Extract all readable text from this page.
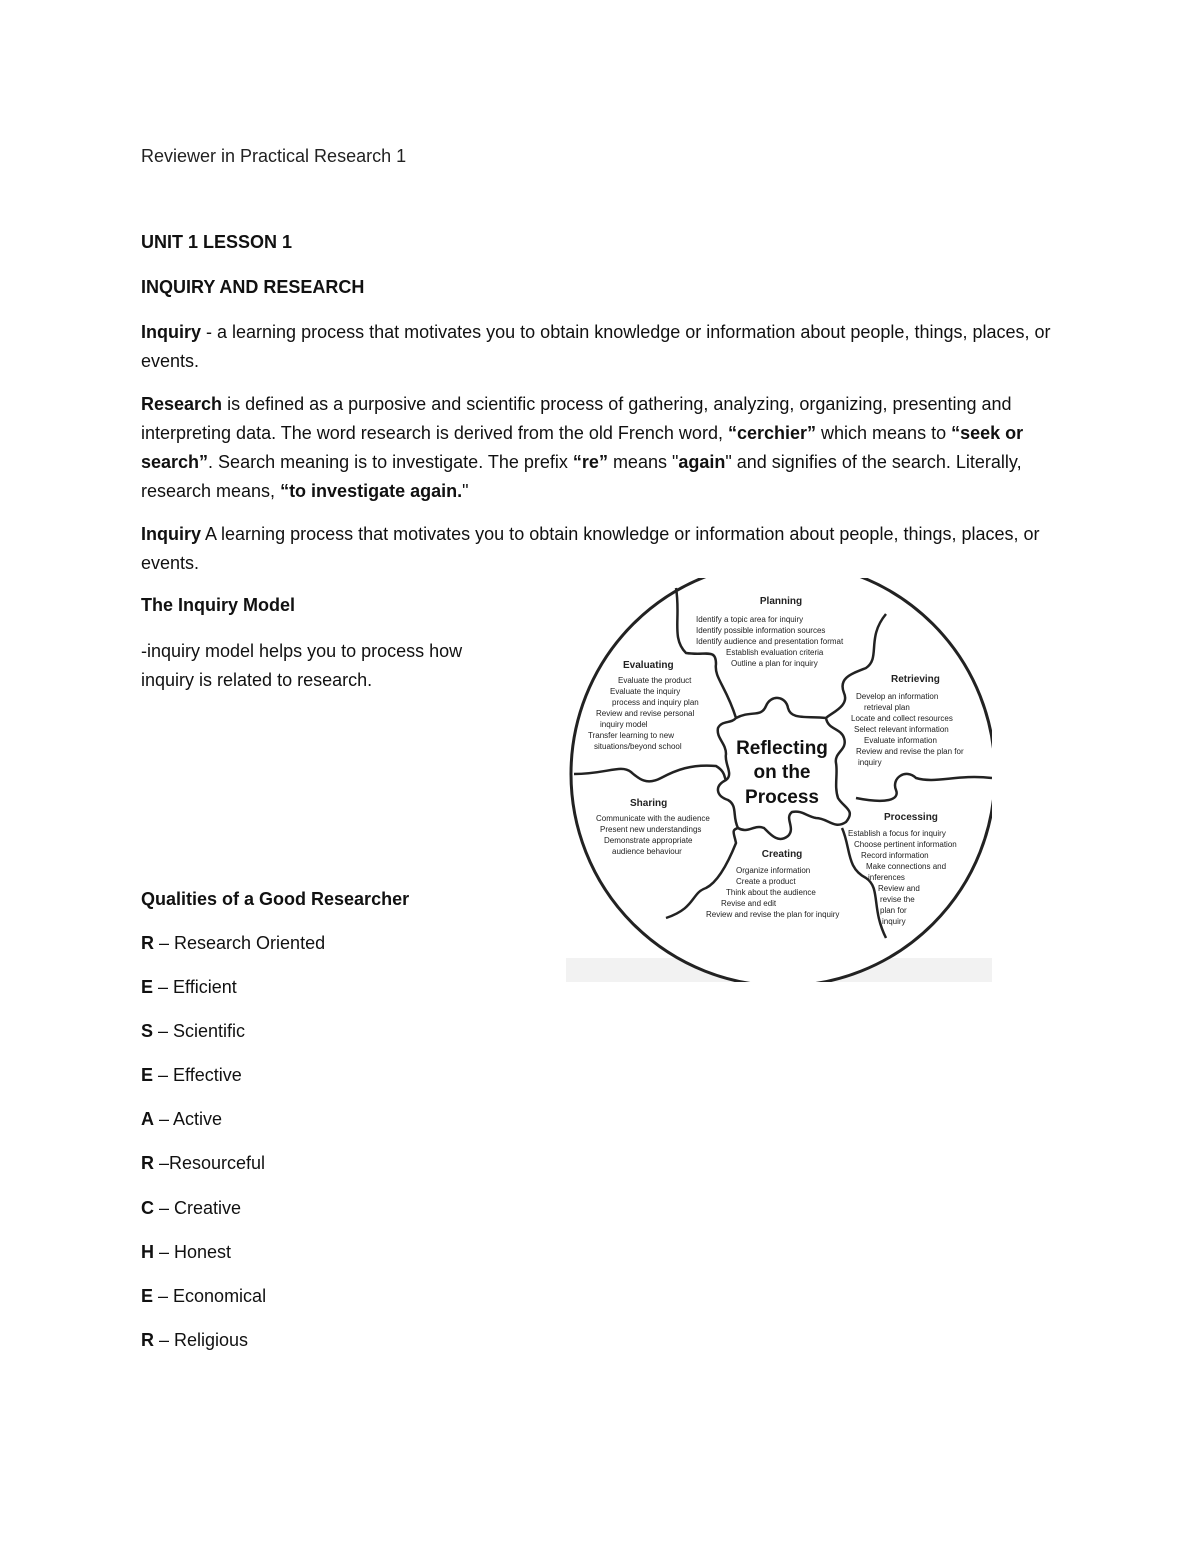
Reviewer in Practical Research 1
UNIT 1 LESSON 1
INQUIRY AND RESEARCH
Inquiry - a learning process that motivates you to obtain knowledge or information about people, things, places, or events.
Research is defined as a purposive and scientific process of gathering, analyzing, organizing, presenting and interpreting data. The word research is derived from the old French word, “cerchier” which means to “seek or search”. Search meaning is to investigate. The prefix “re” means "again" and signifies of the search. Literally, research means, “to investigate again."
Inquiry A learning process that motivates you to obtain knowledge or information about people, things, places, or events.
The Inquiry Model
-inquiry model helps you to process how
inquiry is related to research.
Reflecting
on the
Process
Planning
Identify a topic area for inquiry
Identify possible information sources
Identify audience and presentation format
Establish evaluation criteria
Outline a plan for inquiry
Retrieving
Develop an information
retrieval plan
Locate and collect resources
Select relevant information
Evaluate information
Review and revise the plan for
inquiry
Processing
Establish a focus for inquiry
Choose pertinent information
Record information
Make connections and
inferences
Review and
revise the
plan for
inquiry
Creating
Organize information
Create a product
Think about the audience
Revise and edit
Review and revise the plan for inquiry
Sharing
Communicate with the audience
Present new understandings
Demonstrate appropriate
audience behaviour
Evaluating
Evaluate the product
Evaluate the inquiry
process and inquiry plan
Review and revise personal
inquiry model
Transfer learning to new
situations/beyond school
Qualities of a Good Researcher
R – Research Oriented
E – Efficient
S – Scientific
E – Effective
A – Active
R –Resourceful
C – Creative
H – Honest
E – Economical
R – Religious
